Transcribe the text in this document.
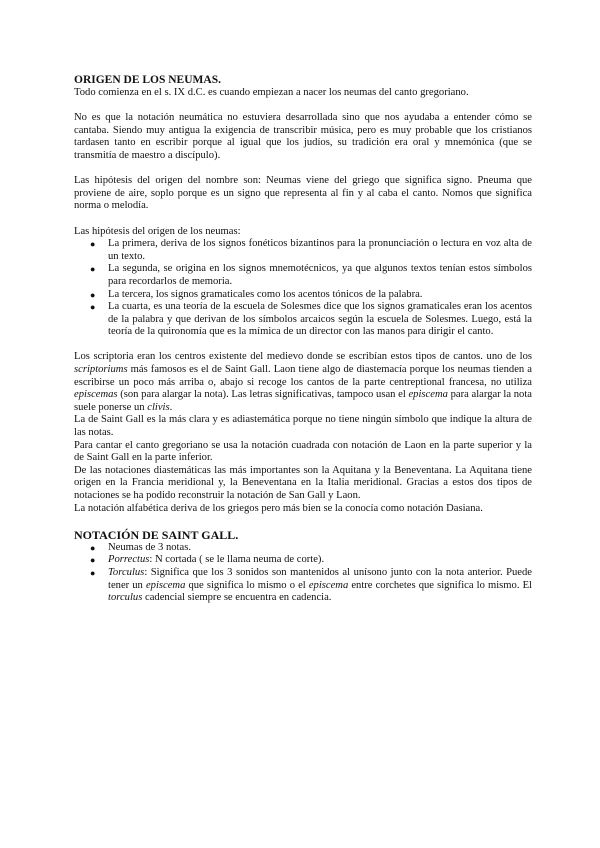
ORIGEN DE LOS NEUMAS.

Todo comienza en el s. IX d.C. es cuando empiezan a nacer los neumas del canto gregoriano.

No es que la notación neumática no estuviera desarrollada sino que nos ayudaba a entender cómo se cantaba. Siendo muy antigua la exigencia de transcribir música, pero es muy probable que los cristianos tardasen tanto en escribir porque al igual que los judíos, su tradición era oral y mnemónica (que se transmitía de maestro a discípulo).

Las hipótesis del origen del nombre son: Neumas viene del griego que significa signo. Pneuma que proviene de aire, soplo porque es un signo que representa al fin y al caba el canto. Nomos que significa norma o melodía.

Las hipótesis del origen de los neumas:

● La primera, deriva de los signos fonéticos bizantinos para la pronunciación o lectura en voz alta de un texto.
● La segunda, se origina en los signos mnemotécnicos, ya que algunos textos tenían estos símbolos para recordarlos de memoria.
● La tercera, los signos gramaticales como los acentos tónicos de la palabra.
● La cuarta, es una teoría de la escuela de Solesmes dice que los signos gramaticales eran los acentos de la palabra y que derivan de los símbolos arcaicos según la escuela de Solesmes. Luego, está la teoría de la quironomía que es la mímica de un director con las manos para dirigir el canto.

Los scriptoria eran los centros existente del medievo donde se escribían estos tipos de cantos. uno de los scriptoriums más famosos es el de Saint Gall. Laon tiene algo de diastemacía porque los neumas tienden a escribirse un poco más arriba o, abajo si recoge los cantos de la parte centreptional francesa, no utiliza episcemas (son para alargar la nota). Las letras significativas, tampoco usan el episcema para alargar la nota suele ponerse un clivis.

La de Saint Gall es la más clara y es adiastemática porque no tiene ningún símbolo que indique la altura de las notas.

Para cantar el canto gregoriano se usa la notación cuadrada con notación de Laon en la parte superior y la de Saint Gall en la parte inferior.

De las notaciones diastemáticas las más importantes son la Aquitana y la Beneventana. La Aquitana tiene origen en la Francia meridional y, la Beneventana en la Italia meridional. Gracias a estos dos tipos de notaciones se ha podido reconstruir la notación de San Gall y Laon.

La notación alfabética deriva de los griegos pero más bien se la conocía como notación Dasiana.

NOTACIÓN DE SAINT GALL.
● Neumas de 3 notas.
● Porrectus: N cortada ( se le llama neuma de corte).
● Torculus: Significa que los 3 sonidos son mantenidos al unísono junto con la nota anterior. Puede tener un episcema que significa lo mismo o el episcema entre corchetes que significa lo mismo. El torculus cadencial siempre se encuentra en cadencia.
